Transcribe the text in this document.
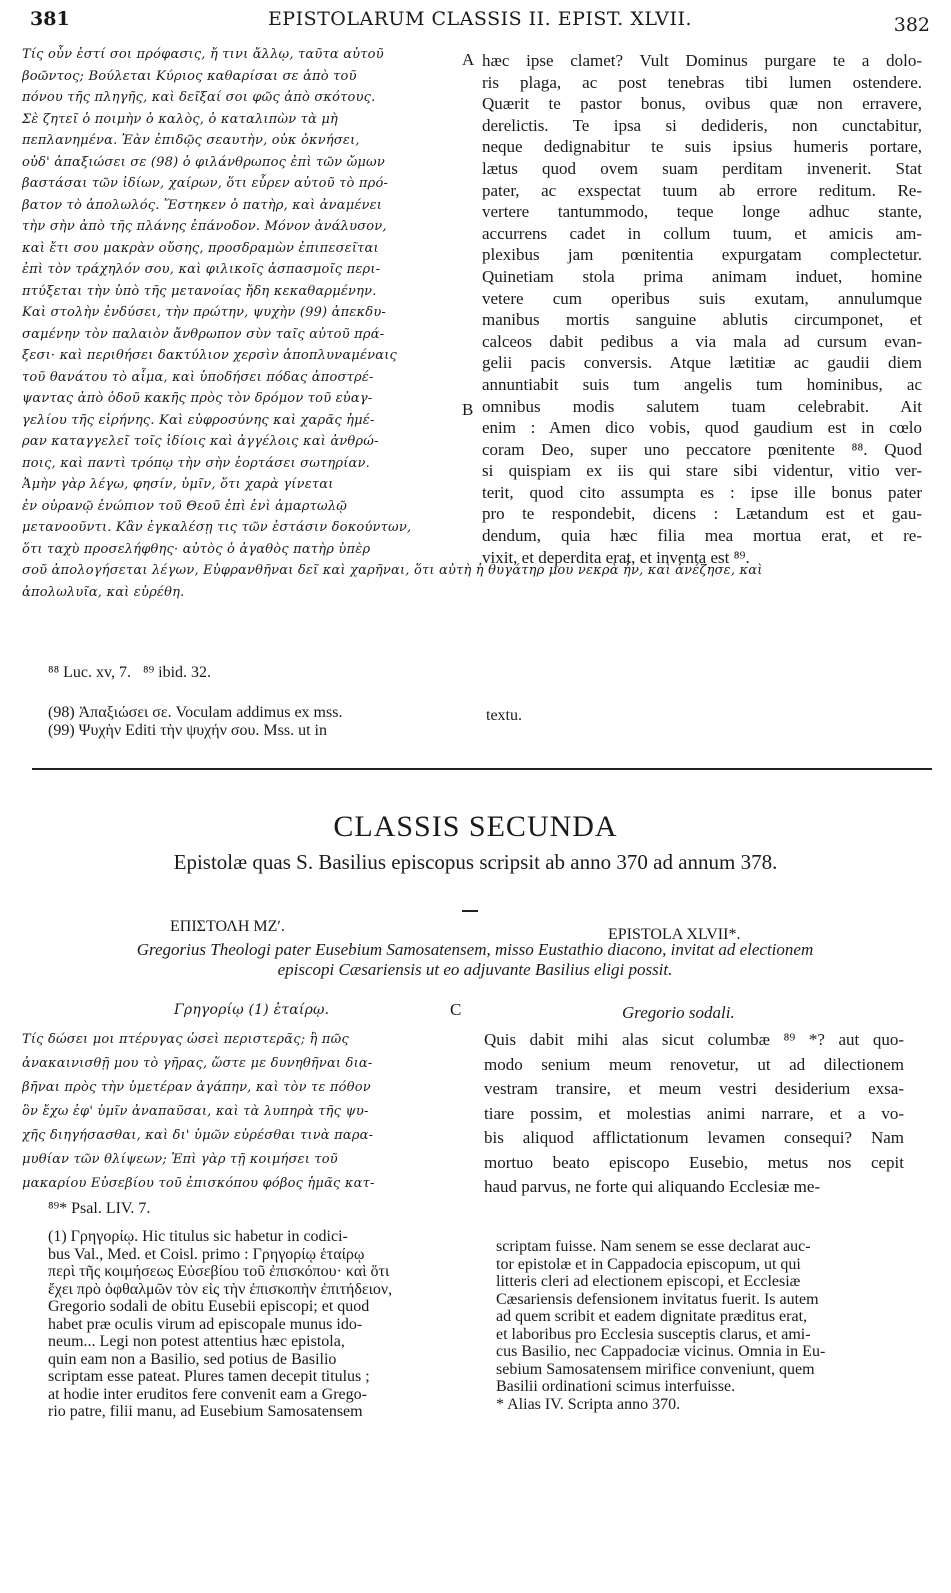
381	EPISTOLARUM CLASSIS II. EPIST. XLVII.	382
Τίς οὖν ἐστί σοι πρόφασις, ἤ τινι ἄλλῳ, ταῦτα αὐτοῦ
βοῶντος; Βούλεται Κύριος καθαρίσαι σε ἀπὸ τοῦ
πόνου τῆς πληγῆς, καὶ δεῖξαί σοι φῶς ἀπὸ σκότους.
Σὲ ζητεῖ ὁ ποιμὴν ὁ καλὸς, ὁ καταλιπὼν τὰ μὴ
πεπλανημένα. Ἐὰν ἐπιδῷς σεαυτὴν, οὐκ ὀκνήσει,
οὐδ' ἀπαξιώσει σε (98) ὁ φιλάνθρωπος ἐπὶ τῶν ὤμων
βαστάσαι τῶν ἰδίων, χαίρων, ὅτι εὗρεν αὐτοῦ τὸ πρό-
βατον τὸ ἀπολωλός. Ἕστηκεν ὁ πατὴρ, καὶ ἀναμένει
τὴν σὴν ἀπὸ τῆς πλάνης ἐπάνοδον. Μόνον ἀνάλυσον,
καὶ ἔτι σου μακρὰν οὔσης, προσδραμὼν ἐπιπεσεῖται
ἐπὶ τὸν τράχηλόν σου, καὶ φιλικοῖς ἀσπασμοῖς περι-
πτύξεται τὴν ὑπὸ τῆς μετανοίας ἤδη κεκαθαρμένην.
Καὶ στολὴν ἐνδύσει, τὴν πρώτην, ψυχὴν (99) ἀπεκδυ-
σαμένην τὸν παλαιὸν ἄνθρωπον σὺν ταῖς αὐτοῦ πρά-
ξεσι· καὶ περιθήσει δακτύλιον χερσὶν ἀποπλυναμέναις
τοῦ θανάτου τὸ αἷμα, καὶ ὑποδήσει πόδας ἀποστρέ-
ψαντας ἀπὸ ὁδοῦ κακῆς πρὸς τὸν δρόμον τοῦ εὐαγ-
γελίου τῆς εἰρήνης. Καὶ εὐφροσύνης καὶ χαρᾶς ἡμέ-
ραν καταγγελεῖ τοῖς ἰδίοις καὶ ἀγγέλοις καὶ ἀνθρώ-
ποις, καὶ παντὶ τρόπῳ τὴν σὴν ἑορτάσει σωτηρίαν.
Ἀμὴν γὰρ λέγω, φησίν, ὑμῖν, ὅτι χαρὰ γίνεται
ἐν οὐρανῷ ἐνώπιον τοῦ Θεοῦ ἐπὶ ἑνὶ ἁμαρτωλῷ
μετανοοῦντι. Κἂν ἐγκαλέσῃ τις τῶν ἑστάσιν δοκούντων,
ὅτι ταχὺ προσελήφθης· αὐτὸς ὁ ἀγαθὸς πατὴρ ὑπὲρ
σοῦ ἀπολογήσεται λέγων, Εὐφρανθῆναι δεῖ καὶ χαρῆναι, ὅτι αὐτὴ ἡ θυγάτηρ μου νεκρὰ ἦν, καὶ ἀνέζησε, καὶ
ἀπολωλυῖα, καὶ εὑρέθη.
hæc ipse clamet? Vult Dominus purgare te a dolo-
ris plaga, ac post tenebras tibi lumen ostendere.
Quærit te pastor bonus, ovibus quæ non erravere,
derelictis. Te ipsa si dedideris, non cunctabitur,
neque dedignabitur te suis ipsius humeris portare,
lætus quod ovem suam perditam invenerit. Stat
pater, ac exspectat tuum ab errore reditum. Re-
vertere tantummodo, teque longe adhuc stante,
accurrens cadet in collum tuum, et amicis am-
plexibus jam pœnitentia expurgatam complectetur.
Quinetiam stola prima animam induet, homine
vetere cum operibus suis exutam, annulumque
manibus mortis sanguine ablutis circumponet, et
calceos dabit pedibus a via mala ad cursum evan-
gelii pacis conversis. Atque lætitiæ ac gaudii diem
annuntiabit suis tum angelis tum hominibus, ac
omnibus modis salutem tuam celebrabit. Ait
enim : Amen dico vobis, quod gaudium est in cœlo
coram Deo, super uno peccatore pœnitente ⁸⁸. Quod
si quispiam ex iis qui stare sibi videntur, vitio ver-
terit, quod cito assumpta es : ipse ille bonus pater
pro te respondebit, dicens : Lætandum est et gau-
dendum, quia hæc filia mea mortua erat, et re-
vixit, et deperdita erat, et inventa est ⁸⁹.
A
B
⁸⁸ Luc. xv, 7.   ⁸⁹ ibid. 32.
(98) Ἀπαξιώσει σε. Voculam addimus ex mss.
(99) Ψυχὴν Editi τὴν ψυχήν σου. Mss. ut in
textu.
CLASSIS SECUNDA
Epistolæ quas S. Basilius episcopus scripsit ab anno 370 ad annum 378.
ΕΠΙΣΤΟΛΗ ΜΖʹ.	EPISTOLA XLVII*.
Gregorius Theologi pater Eusebium Samosatensem, misso Eustathio diacono, invitat ad electionem
episcopi Cæsariensis ut eo adjuvante Basilius eligi possit.
Γρηγορίῳ (1) ἑταίρῳ.	C	Gregorio sodali.
Τίς δώσει μοι πτέρυγας ὡσεὶ περιστερᾶς; ἢ πῶς
ἀνακαινισθῇ μου τὸ γῆρας, ὥστε με δυνηθῆναι δια-
βῆναι πρὸς τὴν ὑμετέραν ἀγάπην, καὶ τὸν τε πόθον
ὃν ἔχω ἐφ' ὑμῖν ἀναπαῦσαι, καὶ τὰ λυπηρὰ τῆς ψυ-
χῆς διηγήσασθαι, καὶ δι' ὑμῶν εὑρέσθαι τινὰ παρα-
μυθίαν τῶν θλίψεων; Ἐπὶ γὰρ τῇ κοιμήσει τοῦ
μακαρίου Εὐσεβίου τοῦ ἐπισκόπου φόβος ἡμᾶς κατ-
Quis dabit mihi alas sicut columbæ ⁸⁹ *? aut quo-
modo senium meum renovetur, ut ad dilectionem
vestram transire, et meum vestri desiderium exsa-
tiare possim, et molestias animi narrare, et a vo-
bis aliquod afflictationum levamen consequi? Nam
mortuo beato episcopo Eusebio, metus nos cepit
haud parvus, ne forte qui aliquando Ecclesiæ me-
⁸⁹* Psal. LIV. 7.
(1) Γρηγορίῳ. Hic titulus sic habetur in codici-
bus Val., Med. et Coisl. primo : Γρηγορίῳ ἑταίρῳ
περὶ τῆς κοιμήσεως Εὐσεβίου τοῦ ἐπισκόπου· καὶ ὅτι
ἔχει πρὸ ὀφθαλμῶν τὸν εἰς τὴν ἐπισκοπὴν ἐπιτήδειον,
Gregorio sodali de obitu Eusebii episcopi; et quod
habet præ oculis virum ad episcopale munus ido-
neum... Legi non potest attentius hæc epistola,
quin eam non a Basilio, sed potius de Basilio
scriptam esse pateat. Plures tamen decepit titulus ;
at hodie inter eruditos fere convenit eam a Grego-
rio patre, filii manu, ad Eusebium Samosatensem
scriptam fuisse. Nam senem se esse declarat auc-
tor epistolæ et in Cappadocia episcopum, ut qui
litteris cleri ad electionem episcopi, et Ecclesiæ
Cæsariensis defensionem invitatus fuerit. Is autem
ad quem scribit et eadem dignitate præditus erat,
et laboribus pro Ecclesia susceptis clarus, et ami-
cus Basilio, nec Cappadociæ vicinus. Omnia in Eu-
sebium Samosatensem mirifice conveniunt, quem
Basilii ordinationi scimus interfuisse.
* Alias IV. Scripta anno 370.
